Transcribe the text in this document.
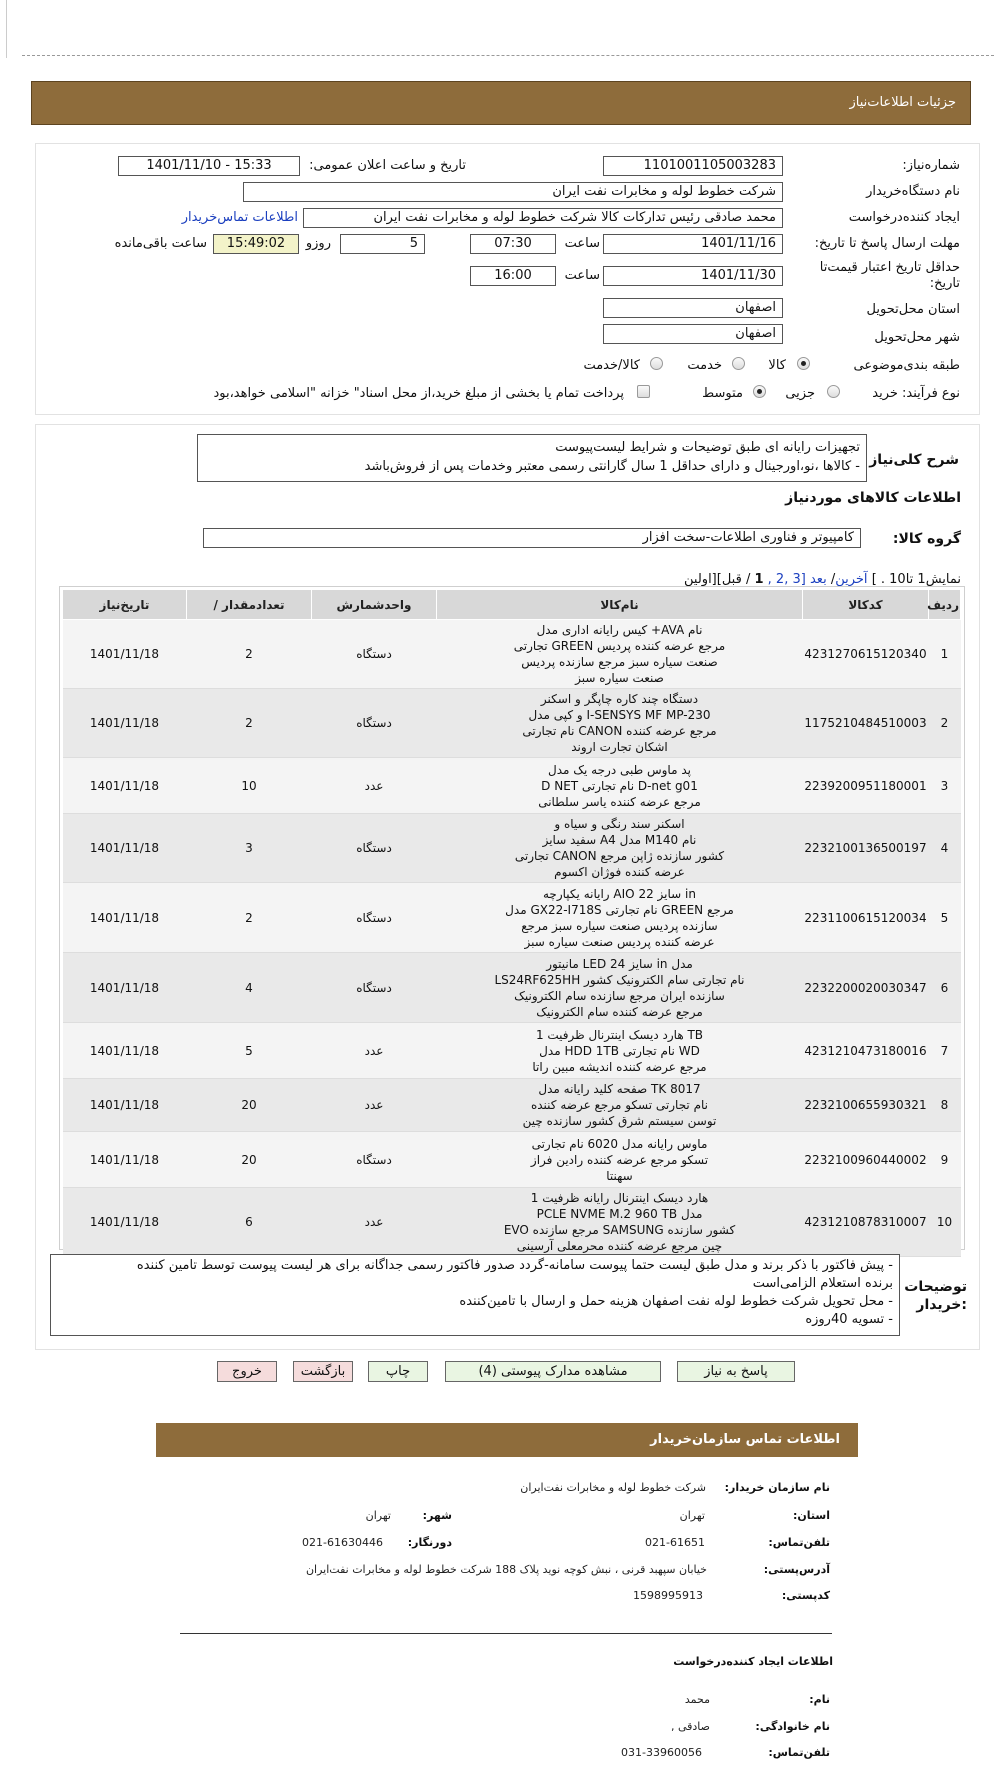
جزئیات اطلاعات‌نیاز
شماره‌نیاز:
1101001105003283
تاریخ و ساعت اعلان عمومی:
1401/11/10 - 15:33
نام دستگاه‌خریدار
شرکت خطوط لوله و مخابرات نفت ایران
ایجاد کننده‌درخواست
محمد صادقی رئیس تدارکات کالا شرکت خطوط لوله و مخابرات نفت ایران
اطلاعات تماس‌خریدار
مهلت ارسال پاسخ تا تاریخ:
1401/11/16
ساعت
07:30
5
روزو
15:49:02
ساعت باقی‌مانده
حداقل تاریخ اعتبار قیمت‌تا
تاریخ:
1401/11/30
ساعت
16:00
استان محل‌تحویل
اصفهان
شهر محل‌تحویل
اصفهان
طبقه بندی‌موضوعی
کالا
خدمت
کالا/خدمت
نوع فرآیند: خرید
جزیی
متوسط
پرداخت تمام یا بخشی از مبلغ خرید،از محل اسناد" خزانه "اسلامی خواهد،بود
شرح کلی‌نیاز
تجهیزات رایانه ای طبق توضیحات و شرایط لیست‌پیوست
- کالاها ،نو،اورجینال و دارای حداقل 1 سال گارانتی رسمی معتبر وخدمات پس از فروش‌باشد
اطلاعات کالاهای موردنیاز
گروه کالا:
کامپیوتر و فناوری اطلاعات-سخت افزار
نمایش1 تا10 . ] آخرین/ بعد [3 ,2 , 1 / قبل][اولین
ردیف	کدکالا	نام‌کالا	واحدشمارش	تعدادمقدار /	تاریخ‌نیاز
1	4231270615120340	کیس رایانه اداری مدل +AVA نام
تجارتی GREEN مرجع عرضه کننده پردیس
صنعت سیاره سبز مرجع سازنده پردیس
صنعت سیاره سبز	دستگاه	2	1401/11/18
2	1175210484510003	دستگاه چند کاره چاپگر و اسکنر
و کپی مدل I-SENSYS MF MP-230
نام تجارتی CANON مرجع عرضه کننده
اشکان تجارت اروند	دستگاه	2	1401/11/18
3	2239200951180001	پد ماوس طبی درجه یک مدل
D NET نام تجارتی D-net g01
مرجع عرضه کننده یاسر سلطانی	عدد	10	1401/11/18
4	2232100136500197	اسکنر سند رنگی و سیاه و
سفید سایز A4 مدل M140 نام
تجارتی CANON کشور سازنده ژاپن مرجع
عرضه کننده فوژان اکسوم	دستگاه	3	1401/11/18
5	2231100615120034	رایانه یکپارچه AIO سایز 22 in
مدل GX22-I718S نام تجارتی GREEN مرجع
سازنده پردیس صنعت سیاره سبز مرجع
عرضه کننده پردیس صنعت سیاره سبز	دستگاه	2	1401/11/18
6	2232200020030347	مانیتور LED سایز 24 in مدل
LS24RF625HH نام تجارتی سام الکترونیک کشور
سازنده ایران مرجع سازنده سام الکترونیک
مرجع عرضه کننده سام الکترونیک	دستگاه	4	1401/11/18
7	4231210473180016	هارد دیسک اینترنال ظرفیت 1 TB
مدل HDD 1TB نام تجارتی WD
مرجع عرضه کننده اندیشه مبین راتا	عدد	5	1401/11/18
8	2232100655930321	صفحه کلید رایانه مدل TK 8017
نام تجارتی تسکو مرجع عرضه کننده
توسن سیستم شرق کشور سازنده چین	عدد	20	1401/11/18
9	2232100960440002	ماوس رایانه مدل 6020 نام تجارتی
تسکو مرجع عرضه کننده رادین فراز
سهنتا	دستگاه	20	1401/11/18
10	4231210878310007	هارد دیسک اینترنال رایانه ظرفیت 1
PCLE NVME M.2 960 TB مدل
EVO مرجع سازنده SAMSUNG کشور سازنده
چین مرجع عرضه کننده محرمعلی آرسینی	عدد	6	1401/11/18
توضیحات
:خریدار
- پیش فاکتور با ذکر برند و مدل طبق لیست حتما پیوست سامانه-گردد صدور فاکتور رسمی جداگانه برای هر لیست پیوست توسط تامین کننده
برنده استعلام الزامی‌است
- محل تحویل شرکت خطوط لوله نفت اصفهان هزینه حمل و ارسال با تامین‌کننده
- تسویه 40روزه
پاسخ به نیاز
مشاهده مدارک پیوستی (4)
چاپ
بازگشت
خروج
اطلاعات تماس سازمان‌خریدار
نام سازمان خریدار:
شرکت خطوط لوله و مخابرات نفت‌ایران
استان:
تهران
شهر:
تهران
تلفن‌تماس:
021-61651
دورنگار:
021-61630446
آدرس‌پستی:
خیابان سپهبد قرنی ، نبش کوچه نوید پلاک 188 شرکت خطوط لوله و مخابرات نفت‌ایران
کد‌پستی:
1598995913
اطلاعات ایجاد کننده‌درخواست
نام:
محمد
نام خانوادگی:
صادقی ,
تلفن‌تماس:
031-33960056
